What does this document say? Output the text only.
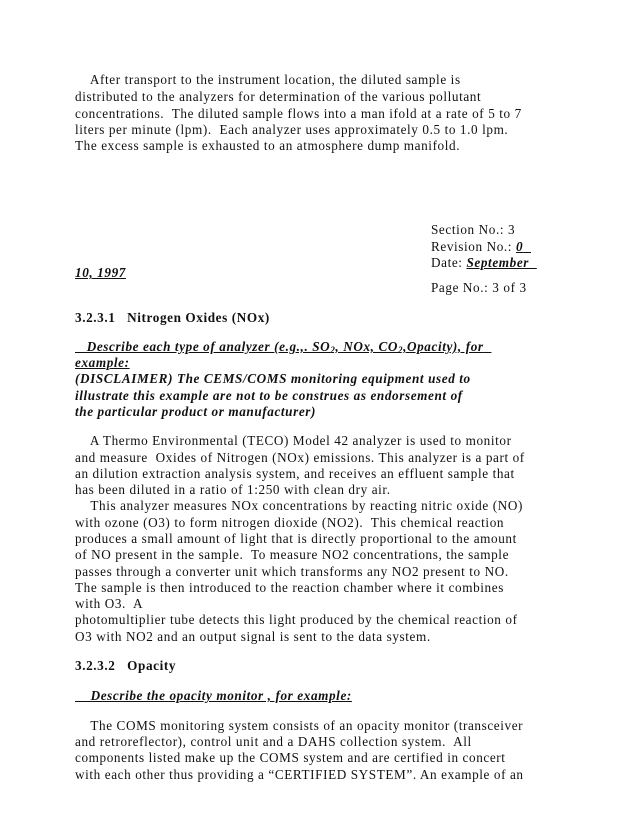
After transport to the instrument location, the diluted sample is
distributed to the analyzers for determination of the various pollutant
concentrations.  The diluted sample flows into a man ifold at a rate of 5 to 7
liters per minute (lpm).  Each analyzer uses approximately 0.5 to 1.0 lpm.
The excess sample is exhausted to an atmosphere dump manifold.
Section No.: 3
Revision No.: 0
Date: September
10, 1997
Page No.: 3 of 3
3.2.3.1   Nitrogen Oxides (NOx)
Describe each type of analyzer (e.g.,. $SO_2$, NOx, $CO_2,Opacity$), for
example:
(DISCLAIMER) The CEMS/COMS monitoring equipment used to
illustrate this example are not to be construes as endorsement of
the particular product or manufacturer)
A Thermo Environmental (TECO) Model 42 analyzer is used to monitor
and measure  Oxides of Nitrogen (NOx) emissions. This analyzer is a part of
an dilution extraction analysis system, and receives an effluent sample that
has been diluted in a ratio of 1:250 with clean dry air.
This analyzer measures NOx concentrations by reacting nitric oxide (NO)
with ozone (O3) to form nitrogen dioxide (NO2).  This chemical reaction
produces a small amount of light that is directly proportional to the amount
of NO present in the sample.  To measure NO2 concentrations, the sample
passes through a converter unit which transforms any NO2 present to NO.
The sample is then introduced to the reaction chamber where it combines
with O3.  A
photomultiplier tube detects this light produced by the chemical reaction of
O3 with NO2 and an output signal is sent to the data system.
3.2.3.2   Opacity
Describe the opacity monitor , for example:
The COMS monitoring system consists of an opacity monitor (transceiver
and retroreflector), control unit and a DAHS collection system.  All
components listed make up the COMS system and are certified in concert
with each other thus providing a “CERTIFIED SYSTEM”. An example of an
